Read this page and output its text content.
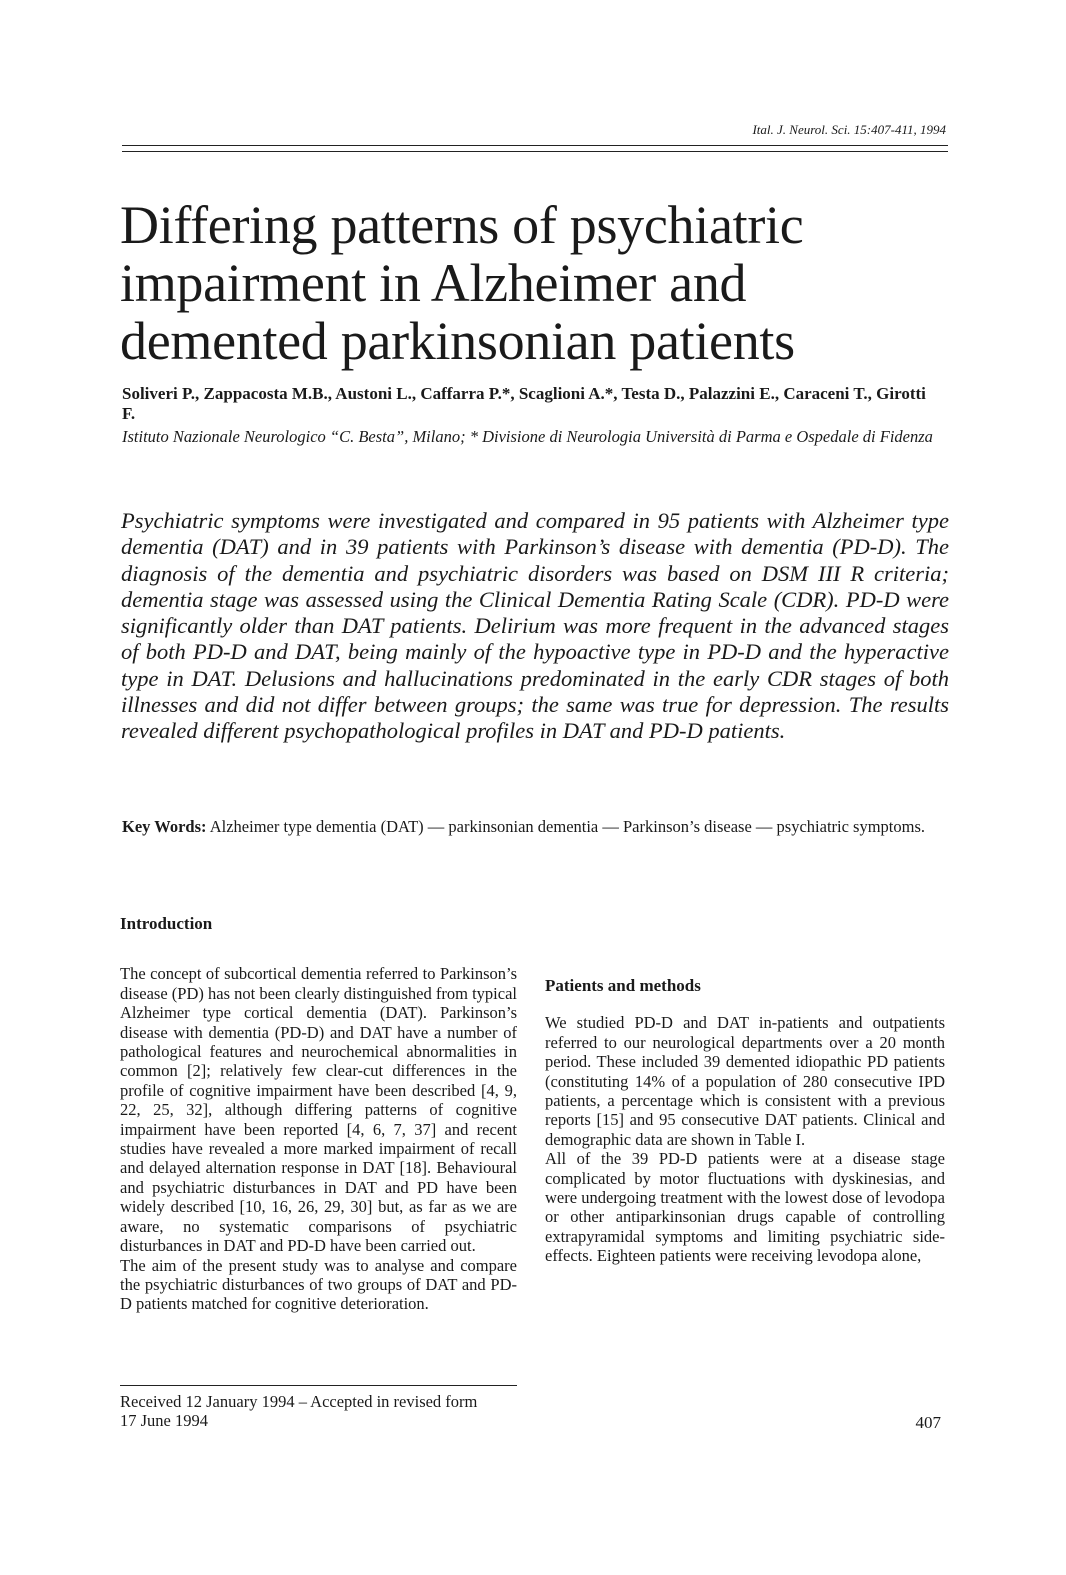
Ital. J. Neurol. Sci. 15:407-411, 1994
Differing patterns of psychiatric impairment in Alzheimer and demented parkinsonian patients
Soliveri P., Zappacosta M.B., Austoni L., Caffarra P.*, Scaglioni A.*, Testa D., Palazzini E., Caraceni T., Girotti F.
Istituto Nazionale Neurologico “C. Besta”, Milano; * Divisione di Neurologia Università di Parma e Ospedale di Fidenza
Psychiatric symptoms were investigated and compared in 95 patients with Alzheimer type dementia (DAT) and in 39 patients with Parkinson’s disease with dementia (PD-D). The diagnosis of the dementia and psychiatric disorders was based on DSM III R criteria; dementia stage was assessed using the Clinical Dementia Rating Scale (CDR). PD-D were significantly older than DAT patients. Delirium was more frequent in the advanced stages of both PD-D and DAT, being mainly of the hypoactive type in PD-D and the hyperactive type in DAT. Delusions and hallucinations predominated in the early CDR stages of both illnesses and did not differ between groups; the same was true for depression. The results revealed different psychopathological profiles in DAT and PD-D patients.
Key Words: Alzheimer type dementia (DAT) — parkinsonian dementia — Parkinson’s disease — psychiatric symptoms.
Introduction

The concept of subcortical dementia referred to Parkinson’s disease (PD) has not been clearly distinguished from typical Alzheimer type cortical dementia (DAT). Parkinson’s disease with dementia (PD-D) and DAT have a number of pathological features and neurochemical abnormalities in common [2]; relatively few clear-cut differences in the profile of cognitive impairment have been described [4, 9, 22, 25, 32], although differing patterns of cognitive impairment have been reported [4, 6, 7, 37] and recent studies have revealed a more marked impairment of recall and delayed alternation response in DAT [18]. Behavioural and psychiatric disturbances in DAT and PD have been widely described [10, 16, 26, 29, 30] but, as far as we are aware, no systematic comparisons of psychiatric disturbances in DAT and PD-D have been carried out.

The aim of the present study was to analyse and compare the psychiatric disturbances of two groups of DAT and PD-D patients matched for cognitive deterioration.

Patients and methods

We studied PD-D and DAT in-patients and outpatients referred to our neurological departments over a 20 month period. These included 39 demented idiopathic PD patients (constituting 14% of a population of 280 consecutive IPD patients, a percentage which is consistent with a previous reports [15] and 95 consecutive DAT patients. Clinical and demographic data are shown in Table I.

All of the 39 PD-D patients were at a disease stage complicated by motor fluctuations with dyskinesias, and were undergoing treatment with the lowest dose of levodopa or other antiparkinsonian drugs capable of controlling extrapyramidal symptoms and limiting psychiatric side-effects. Eighteen patients were receiving levodopa alone,

Received 12 January 1994 – Accepted in revised form
17 June 1994	407
